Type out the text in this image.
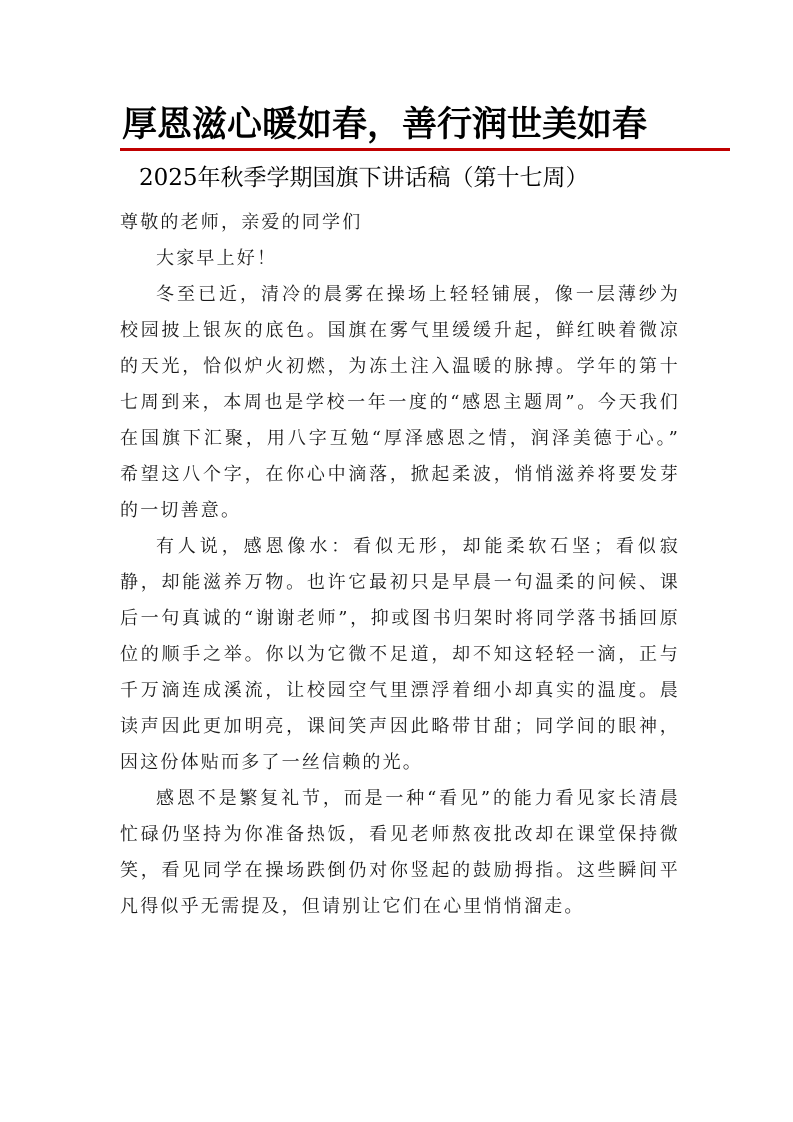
厚恩滋心暖如春，善行润世美如春
2025年秋季学期国旗下讲话稿（第十七周）

尊敬的老师，亲爱的同学们

大家早上好！

冬至已近，清冷的晨雾在操场上轻轻铺展，像一层薄纱为校园披上银灰的底色。国旗在雾气里缓缓升起，鲜红映着微凉的天光，恰似炉火初燃，为冻土注入温暖的脉搏。学年的第十七周到来，本周也是学校一年一度的“感恩主题周”。今天我们在国旗下汇聚，用八字互勉“厚泽感恩之情，润泽美德于心。” 希望这八个字，在你心中滴落，掀起柔波，悄悄滋养将要发芽的一切善意。

有人说，感恩像水：看似无形，却能柔软石坚；看似寂静，却能滋养万物。也许它最初只是早晨一句温柔的问候、课后一句真诚的“谢谢老师”，抑或图书归架时将同学落书插回原位的顺手之举。你以为它微不足道，却不知这轻轻一滴，正与千万滴连成溪流，让校园空气里漂浮着细小却真实的温度。晨读声因此更加明亮，课间笑声因此略带甘甜；同学间的眼神，因这份体贴而多了一丝信赖的光。

感恩不是繁复礼节，而是一种“看见”的能力看见家长清晨忙碌仍坚持为你准备热饭，看见老师熬夜批改却在课堂保持微笑，看见同学在操场跌倒仍对你竖起的鼓励拇指。这些瞬间平凡得似乎无需提及，但请别让它们在心里悄悄溜走。
